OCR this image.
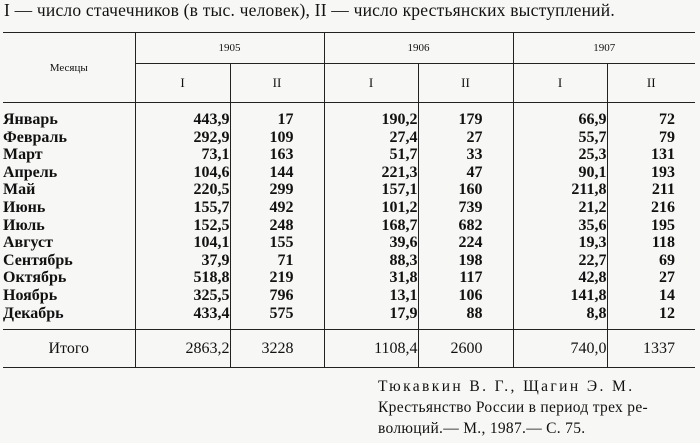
I — число стачечников (в тыс. человек), II — число крестьянских выступлений.
Месяцы	1905		1906		1907	
	I	II	I	II	I	II
Январь	443,9	17	190,2	179	66,9	72
Февраль	292,9	109	27,4	27	55,7	79
Март	73,1	163	51,7	33	25,3	131
Апрель	104,6	144	221,3	47	90,1	193
Май	220,5	299	157,1	160	211,8	211
Июнь	155,7	492	101,2	739	21,2	216
Июль	152,5	248	168,7	682	35,6	195
Август	104,1	155	39,6	224	19,3	118
Сентябрь	37,9	71	88,3	198	22,7	69
Октябрь	518,8	219	31,8	117	42,8	27
Ноябрь	325,5	796	13,1	106	141,8	14
Декабрь	433,4	575	17,9	88	8,8	12
Итого	2863,2	3228	1108,4	2600	740,0	1337
Тюкавкин В. Г., Щагин Э. М.
Крестьянство России в период трех ре-
волюций.— М., 1987.— С. 75.
